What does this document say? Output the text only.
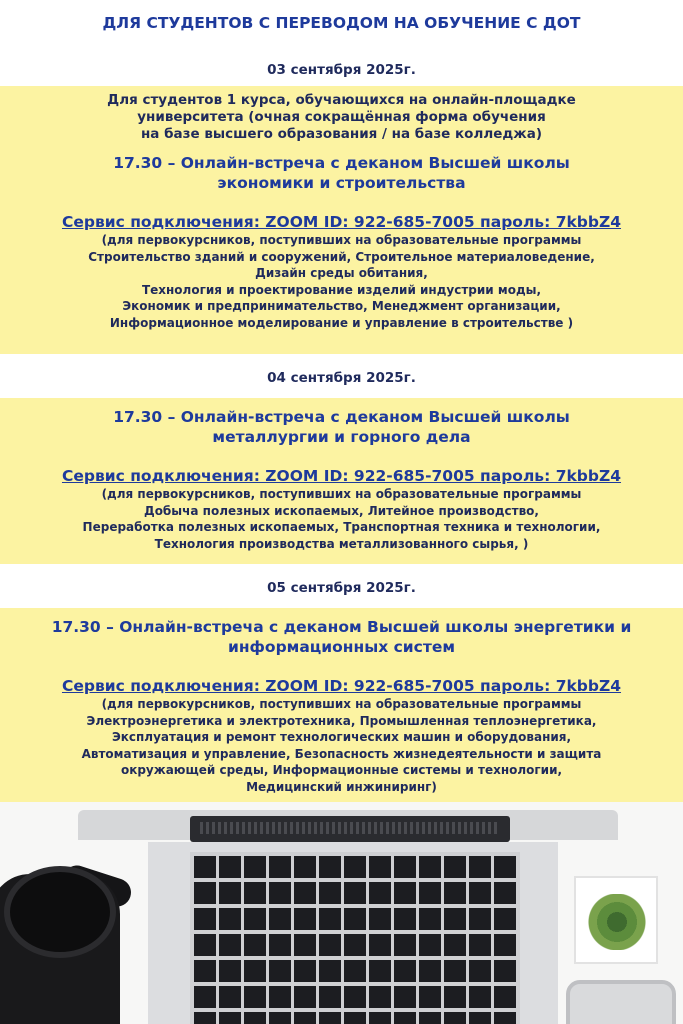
ДЛЯ СТУДЕНТОВ С ПЕРЕВОДОМ НА ОБУЧЕНИЕ С ДОТ
03 сентября 2025г.
Для студентов 1 курса, обучающихся на онлайн-площадке
университета (очная сокращённая форма обучения
на базе высшего образования / на базе колледжа)
17.30 – Онлайн-встреча с деканом Высшей школы
экономики и строительства
Сервис подключения: ZOOM ID: 922-685-7005 пароль: 7kbbZ4
(для первокурсников, поступивших на образовательные программы
Строительство зданий и сооружений, Строительное материаловедение,
Дизайн среды обитания,
Технология и проектирование изделий индустрии моды,
Экономик и предпринимательство, Менеджмент организации,
Информационное моделирование и управление в строительстве )
04 сентября 2025г.
17.30 – Онлайн-встреча с деканом Высшей школы
металлургии и горного дела
Сервис подключения: ZOOM ID: 922-685-7005 пароль: 7kbbZ4
(для первокурсников, поступивших на образовательные программы
Добыча полезных ископаемых, Литейное производство,
Переработка полезных ископаемых, Транспортная техника и технологии,
Технология производства металлизованного сырья, )
05 сентября 2025г.
17.30 – Онлайн-встреча с деканом Высшей школы энергетики и
информационных систем
Сервис подключения: ZOOM ID: 922-685-7005 пароль: 7kbbZ4
(для первокурсников, поступивших на образовательные программы
Электроэнергетика и электротехника, Промышленная теплоэнергетика,
Эксплуатация и ремонт технологических машин и оборудования,
Автоматизация и управление, Безопасность жизнедеятельности и защита
окружающей среды, Информационные системы и технологии,
Медицинский инжиниринг)
